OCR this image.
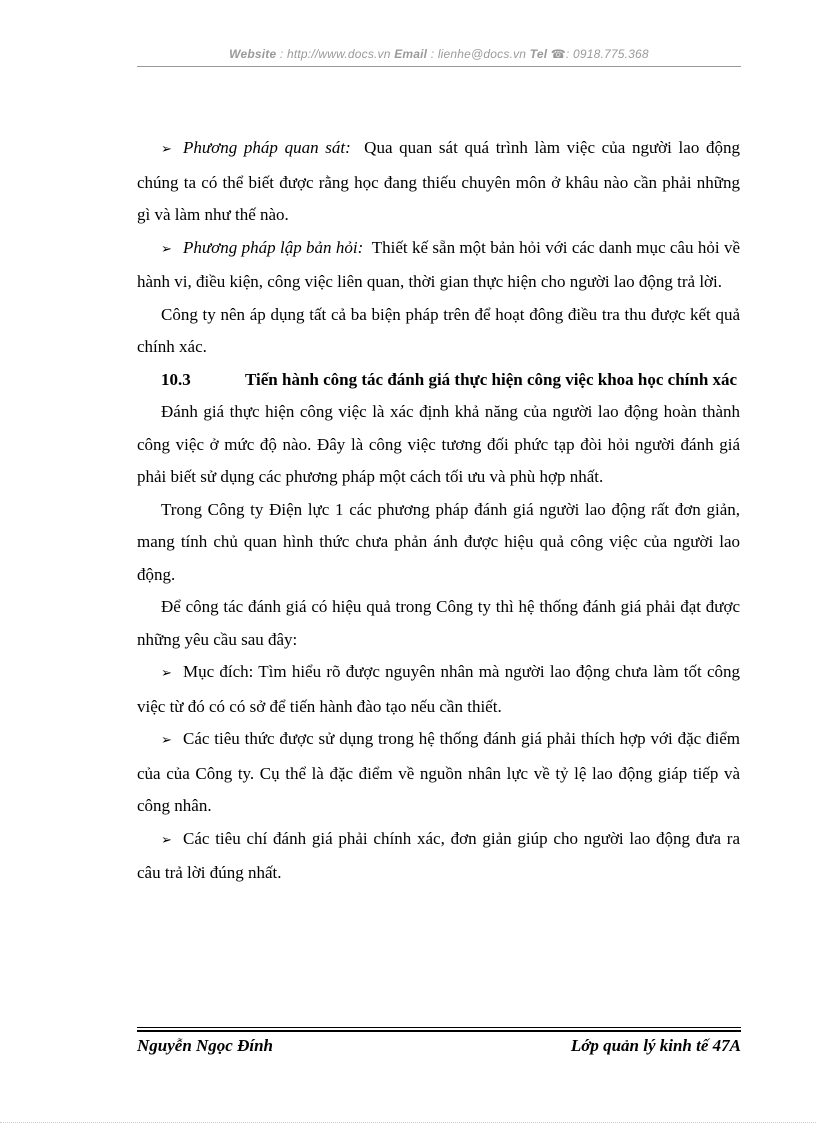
Website : http://www.docs.vn Email : lienhe@docs.vn Tel ☎: 0918.775.368

➢ Phương pháp quan sát: Qua quan sát quá trình làm việc của người lao động chúng ta có thể biết được rằng học đang thiếu chuyên môn ở khâu nào cần phải những gì và làm như thế nào.

➢ Phương pháp lập bản hỏi: Thiết kế sẵn một bản hỏi với các danh mục câu hỏi về hành vi, điều kiện, công việc liên quan, thời gian thực hiện cho người lao động trả lời.

Công ty nên áp dụng tất cả ba biện pháp trên để hoạt đông điều tra thu được kết quả chính xác.

10.3	Tiến hành công tác đánh giá thực hiện công việc khoa học chính xác

Đánh giá thực hiện công việc là xác định khả năng của người lao động hoàn thành công việc ở mức độ nào. Đây là công việc tương đối phức tạp đòi hỏi người đánh giá phải biết sử dụng các phương pháp một cách tối ưu và phù hợp nhất.

Trong Công ty Điện lực 1 các phương pháp đánh giá người lao động rất đơn giản, mang tính chủ quan hình thức chưa phản ánh được hiệu quả công việc của người lao động.

Để công tác đánh giá có hiệu quả trong Công ty thì hệ thống đánh giá phải đạt được những yêu cầu sau đây:

➢ Mục đích: Tìm hiểu rõ được nguyên nhân mà người lao động chưa làm tốt công việc từ đó có có sở để tiến hành đào tạo nếu cần thiết.

➢ Các tiêu thức được sử dụng trong hệ thống đánh giá phải thích hợp với đặc điểm của của Công ty. Cụ thể là đặc điểm về nguồn nhân lực về tỷ lệ lao động giáp tiếp và công nhân.

➢ Các tiêu chí đánh giá phải chính xác, đơn giản giúp cho người lao động đưa ra câu trả lời đúng nhất.

Nguyễn Ngọc Đính	Lớp quản lý kinh tế 47A
